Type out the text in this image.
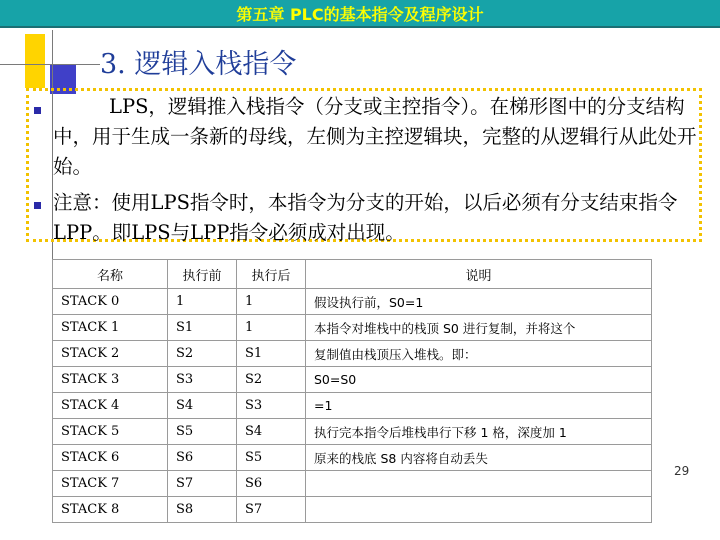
第五章 PLC的基本指令及程序设计
3. 逻辑入栈指令
LPS，逻辑推入栈指令（分支或主控指令）。在梯形图中的分支结构中，用于生成一条新的母线，左侧为主控逻辑块，完整的从逻辑行从此处开始。
注意：使用LPS指令时，本指令为分支的开始，以后必须有分支结束指令LPP。即LPS与LPP指令必须成对出现。
名称	执行前	执行后	说明
STACK 0	1	1	假设执行前，S0=1
STACK 1	S1	1	本指令对堆栈中的栈顶 S0 进行复制，并将这个
STACK 2	S2	S1	复制值由栈顶压入堆栈。即：
STACK 3	S3	S2	S0=S0
STACK 4	S4	S3	=1
STACK 5	S5	S4	执行完本指令后堆栈串行下移 1 格，深度加 1
STACK 6	S6	S5	原来的栈底 S8 内容将自动丢失
STACK 7	S7	S6	
STACK 8	S8	S7	
29
